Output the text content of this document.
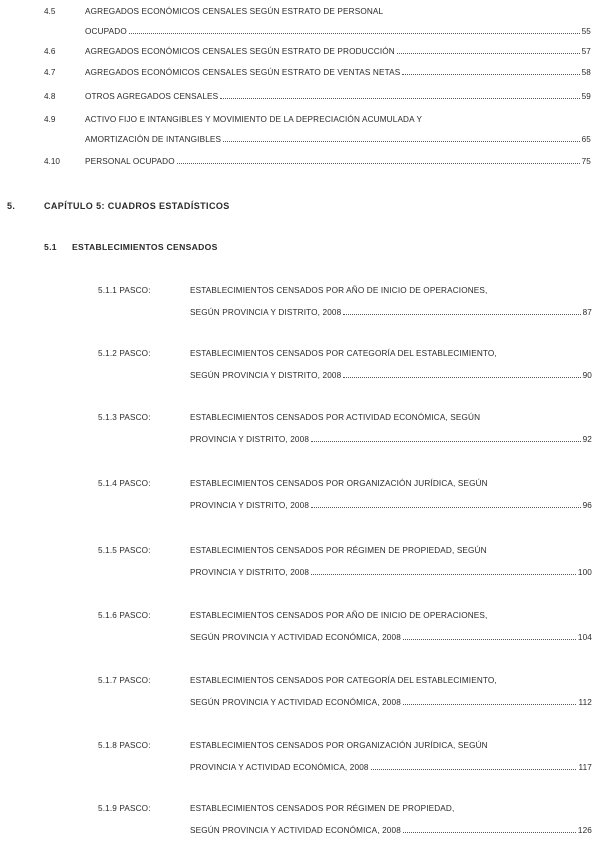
4.5	AGREGADOS ECONÓMICOS CENSALES SEGÚN ESTRATO DE PERSONAL
OCUPADO	55
4.6	AGREGADOS ECONÓMICOS CENSALES SEGÚN ESTRATO DE PRODUCCIÓN	57
4.7	AGREGADOS ECONÓMICOS CENSALES SEGÚN ESTRATO DE VENTAS NETAS	58
4.8	OTROS AGREGADOS CENSALES	59
4.9	ACTIVO FIJO E INTANGIBLES Y MOVIMIENTO DE LA DEPRECIACIÓN ACUMULADA Y
AMORTIZACIÓN DE INTANGIBLES	65
4.10	PERSONAL OCUPADO	75
5.	CAPÍTULO 5: CUADROS ESTADÍSTICOS
5.1 ESTABLECIMIENTOS CENSADOS
5.1.1 PASCO:	ESTABLECIMIENTOS CENSADOS POR AÑO DE INICIO DE OPERACIONES,
SEGÚN PROVINCIA Y DISTRITO, 2008	87
5.1.2 PASCO:	ESTABLECIMIENTOS CENSADOS POR CATEGORÍA DEL ESTABLECIMIENTO,
SEGÚN PROVINCIA Y DISTRITO, 2008	90
5.1.3 PASCO:	ESTABLECIMIENTOS CENSADOS POR ACTIVIDAD ECONÓMICA, SEGÚN
PROVINCIA Y DISTRITO, 2008	92
5.1.4 PASCO:	ESTABLECIMIENTOS CENSADOS POR ORGANIZACIÓN JURÍDICA, SEGÚN
PROVINCIA Y DISTRITO, 2008	96
5.1.5 PASCO:	ESTABLECIMIENTOS CENSADOS POR RÉGIMEN DE PROPIEDAD, SEGÚN
PROVINCIA Y DISTRITO, 2008	100
5.1.6 PASCO:	ESTABLECIMIENTOS CENSADOS POR AÑO DE INICIO DE OPERACIONES,
SEGÚN PROVINCIA Y ACTIVIDAD ECONÓMICA, 2008	104
5.1.7 PASCO:	ESTABLECIMIENTOS CENSADOS POR CATEGORÍA DEL ESTABLECIMIENTO,
SEGÚN PROVINCIA Y ACTIVIDAD ECONÓMICA, 2008	112
5.1.8 PASCO:	ESTABLECIMIENTOS CENSADOS POR ORGANIZACIÓN JURÍDICA, SEGÚN
PROVINCIA Y ACTIVIDAD ECONÓMICA, 2008	117
5.1.9 PASCO:	ESTABLECIMIENTOS CENSADOS POR RÉGIMEN DE PROPIEDAD,
SEGÚN PROVINCIA Y ACTIVIDAD ECONÓMICA, 2008	126
